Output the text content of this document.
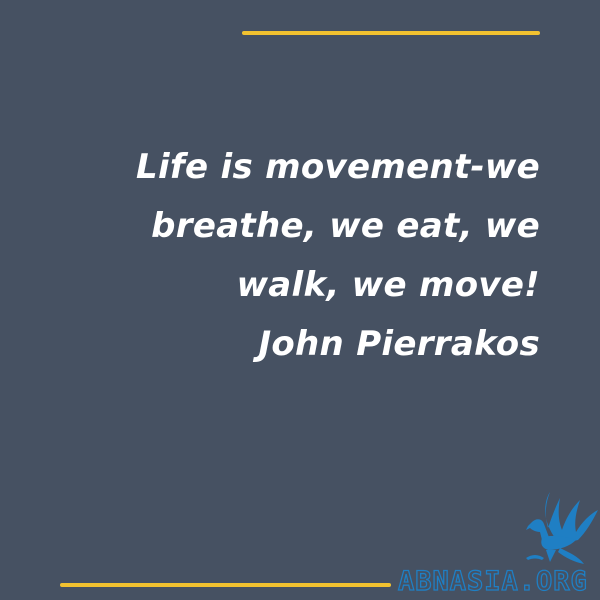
Life is movement-we
breathe, we eat, we
walk, we move!
John Pierrakos
ABNASIA.ORG
